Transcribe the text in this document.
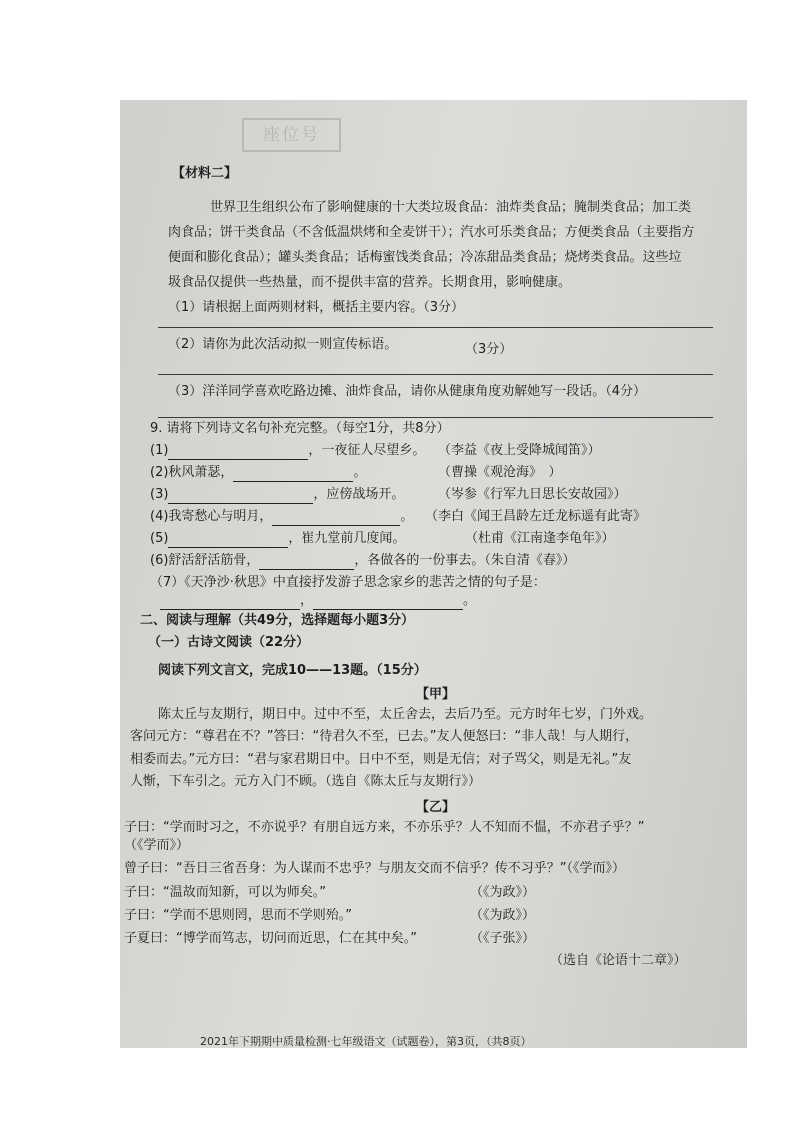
座位号
【材料二】
世界卫生组织公布了影响健康的十大类垃圾食品：油炸类食品；腌制类食品；加工类
肉食品；饼干类食品（不含低温烘烤和全麦饼干）；汽水可乐类食品；方便类食品（主要指方
便面和膨化食品）；罐头类食品；话梅蜜饯类食品；冷冻甜品类食品；烧烤类食品。这些垃
圾食品仅提供一些热量，而不提供丰富的营养。长期食用，影响健康。
（1）请根据上面两则材料，概括主要内容。（3分）
（2）请你为此次活动拟一则宣传标语。	（3分）
（3）洋洋同学喜欢吃路边摊、油炸食品，请你从健康角度劝解她写一段话。（4分）
9. 请将下列诗文名句补充完整。（每空1分，共8分）
(1)	，一夜征人尽望乡。 （李益《夜上受降城闻笛》）
(2)秋风萧瑟，	。	（曹操《观沧海》　）
(3)	，应傍战场开。	（岑参《行军九日思长安故园》）
(4)我寄愁心与明月，	。 （李白《闻王昌龄左迁龙标遥有此寄》
(5)	，崔九堂前几度闻。	（杜甫《江南逢李龟年》）
(6)舒活舒活筋骨，	，各做各的一份事去。（朱自清《春》）
（7）《天净沙·秋思》中直接抒发游子思念家乡的悲苦之情的句子是：
，	。
二、阅读与理解（共49分，选择题每小题3分）
（一）古诗文阅读（22分）
阅读下列文言文，完成10——13题。（15分）
【甲】
陈太丘与友期行，期日中。过中不至，太丘舍去，去后乃至。元方时年七岁，门外戏。
客问元方：“尊君在不？”答曰：“待君久不至，已去。”友人便怒曰：“非人哉！与人期行，
相委而去。”元方曰：“君与家君期日中。日中不至，则是无信；对子骂父，则是无礼。”友
人惭，下车引之。元方入门不顾。（选自《陈太丘与友期行》）
【乙】
子曰：“学而时习之，不亦说乎？有朋自远方来，不亦乐乎？人不知而不愠，不亦君子乎？”
（《学而》）
曾子曰：“吾日三省吾身：为人谋而不忠乎？与朋友交而不信乎？传不习乎？”（《学而》）
子曰：“温故而知新，可以为师矣。”	（《为政》）
子曰：“学而不思则罔，思而不学则殆。”	（《为政》）
子夏曰：“博学而笃志，切问而近思，仁在其中矣。”	（《子张》）
（选自《论语十二章》）
2021年下期期中质量检测·七年级语文（试题卷），第3页，（共8页）
